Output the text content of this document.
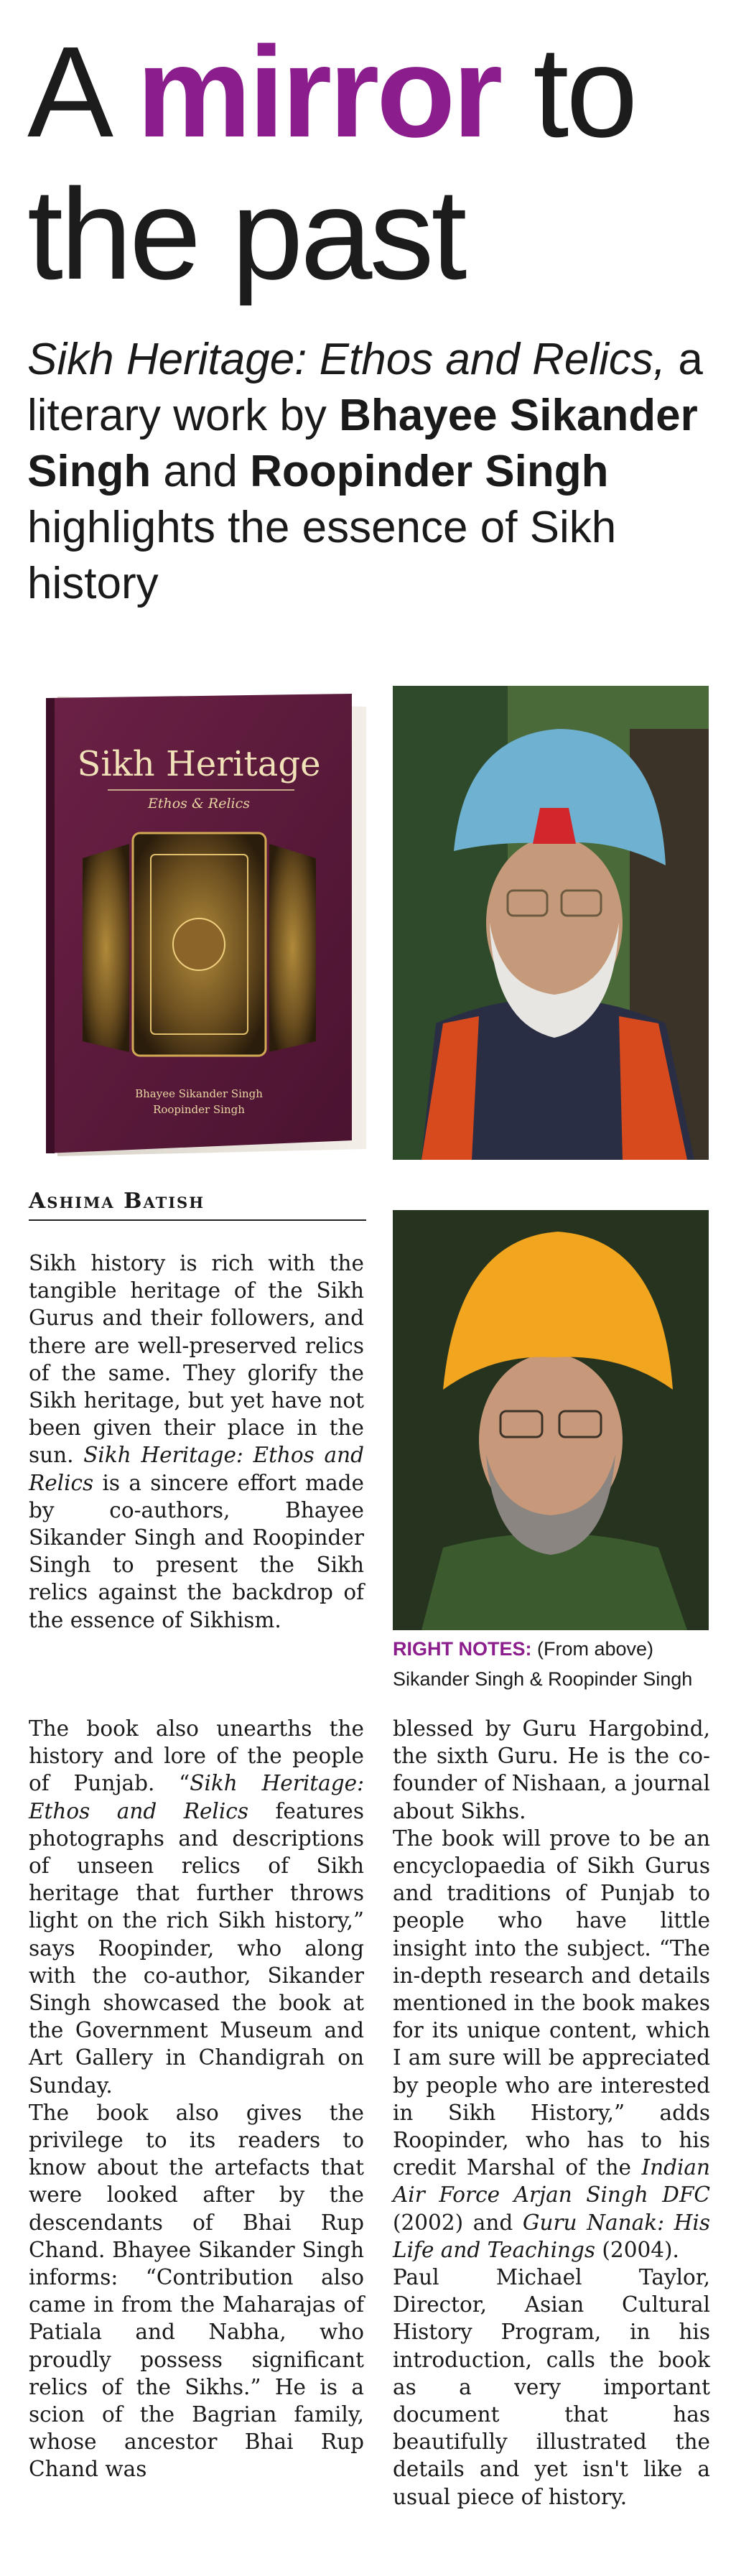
A mirror to
the past
Sikh Heritage: Ethos and Relics, a literary work by Bhayee Sikander Singh and Roopinder Singh highlights the essence of Sikh history
Sikh Heritage
Ethos & Relics
Bhayee Sikander Singh
Roopinder Singh
Ashima Batish
RIGHT NOTES: (From above)
Sikander Singh & Roopinder Singh

Sikh history is rich with the tangible heritage of the Sikh Gurus and their followers, and there are well-preserved relics of the same. They glorify the Sikh heritage, but yet have not been given their place in the sun. Sikh Heritage: Ethos and Relics is a sincere effort made by co-authors, Bhayee Sikander Singh and Roopinder Singh to present the Sikh relics against the backdrop of the essence of Sikhism.

The book also unearths the history and lore of the people of Punjab. “Sikh Heritage: Ethos and Relics features photographs and descriptions of unseen relics of Sikh heritage that further throws light on the rich Sikh history,” says Roopinder, who along with the co-author, Sikander Singh showcased the book at the Government Museum and Art Gallery in Chandigrah on Sunday.

The book also gives the privilege to its readers to know about the artefacts that were looked after by the descendants of Bhai Rup Chand. Bhayee Sikander Singh informs: “Contribution also came in from the Maharajas of Patiala and Nabha, who proudly possess significant relics of the Sikhs.” He is a scion of the Bagrian family, whose ancestor Bhai Rup Chand was

blessed by Guru Hargobind, the sixth Guru. He is the co-founder of Nishaan, a journal about Sikhs.

The book will prove to be an encyclopaedia of Sikh Gurus and traditions of Punjab to people who have little insight into the subject. “The in-depth research and details mentioned in the book makes for its unique content, which I am sure will be appreciated by people who are interested in Sikh History,” adds Roopinder, who has to his credit Marshal of the Indian Air Force Arjan Singh DFC (2002) and Guru Nanak: His Life and Teachings (2004).

Paul Michael Taylor, Director, Asian Cultural History Program, in his introduction, calls the book as a very important document that has beautifully illustrated the details and yet isn't like a usual piece of history.
